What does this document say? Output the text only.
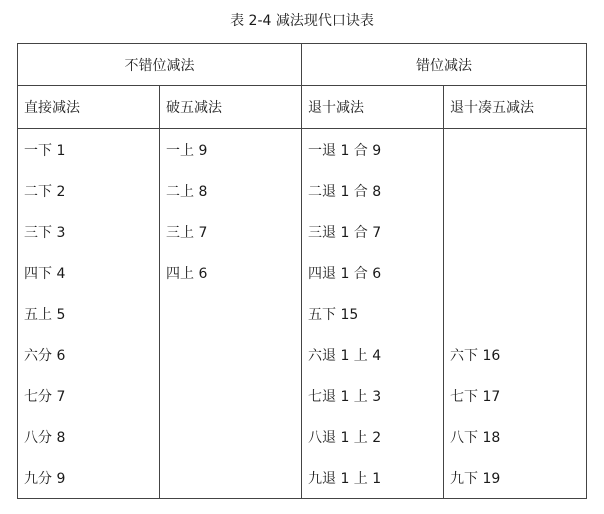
表 2-4 减法现代口诀表
不错位减法		错位减法	
直接减法	破五减法	退十减法	退十凑五减法
一下 1	一上 9	一退 1 合 9	
二下 2	二上 8	二退 1 合 8	
三下 3	三上 7	三退 1 合 7	
四下 4	四上 6	四退 1 合 6	
五上 5		五下 15	
六分 6		六退 1 上 4	六下 16
七分 7		七退 1 上 3	七下 17
八分 8		八退 1 上 2	八下 18
九分 9		九退 1 上 1	九下 19
